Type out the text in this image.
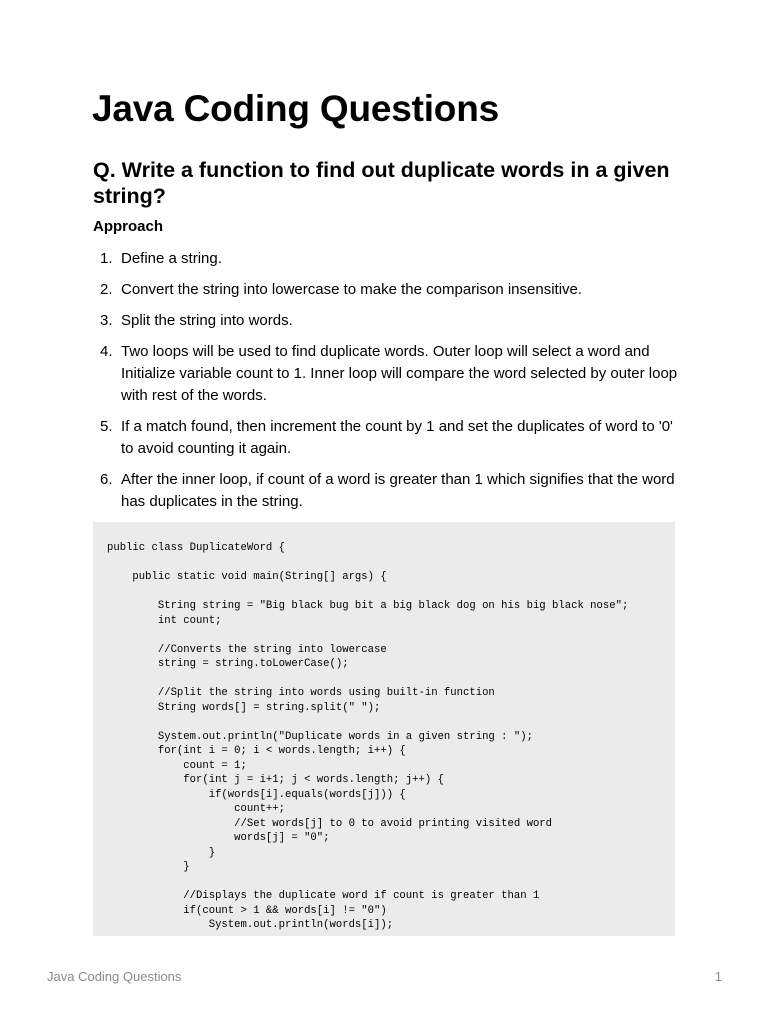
Java Coding Questions
Q. Write a function to find out duplicate words in a given string?
Approach
1. Define a string.
2. Convert the string into lowercase to make the comparison insensitive.
3. Split the string into words.
4. Two loops will be used to find duplicate words. Outer loop will select a word and Initialize variable count to 1. Inner loop will compare the word selected by outer loop with rest of the words.
5. If a match found, then increment the count by 1 and set the duplicates of word to '0' to avoid counting it again.
6. After the inner loop, if count of a word is greater than 1 which signifies that the word has duplicates in the string.
public class DuplicateWord {

public static void main(String[] args) {

String string = "Big black bug bit a big black dog on his big black nose";
int count;

//Converts the string into lowercase
string = string.toLowerCase();

//Split the string into words using built-in function
String words[] = string.split(" ");

System.out.println("Duplicate words in a given string : ");
for(int i = 0; i < words.length; i++) {
count = 1;
for(int j = i+1; j < words.length; j++) {
if(words[i].equals(words[j])) {
count++;
//Set words[j] to 0 to avoid printing visited word
words[j] = "0";
}
}

//Displays the duplicate word if count is greater than 1
if(count > 1 && words[i] != "0")
System.out.println(words[i]);
Java Coding Questions	1
